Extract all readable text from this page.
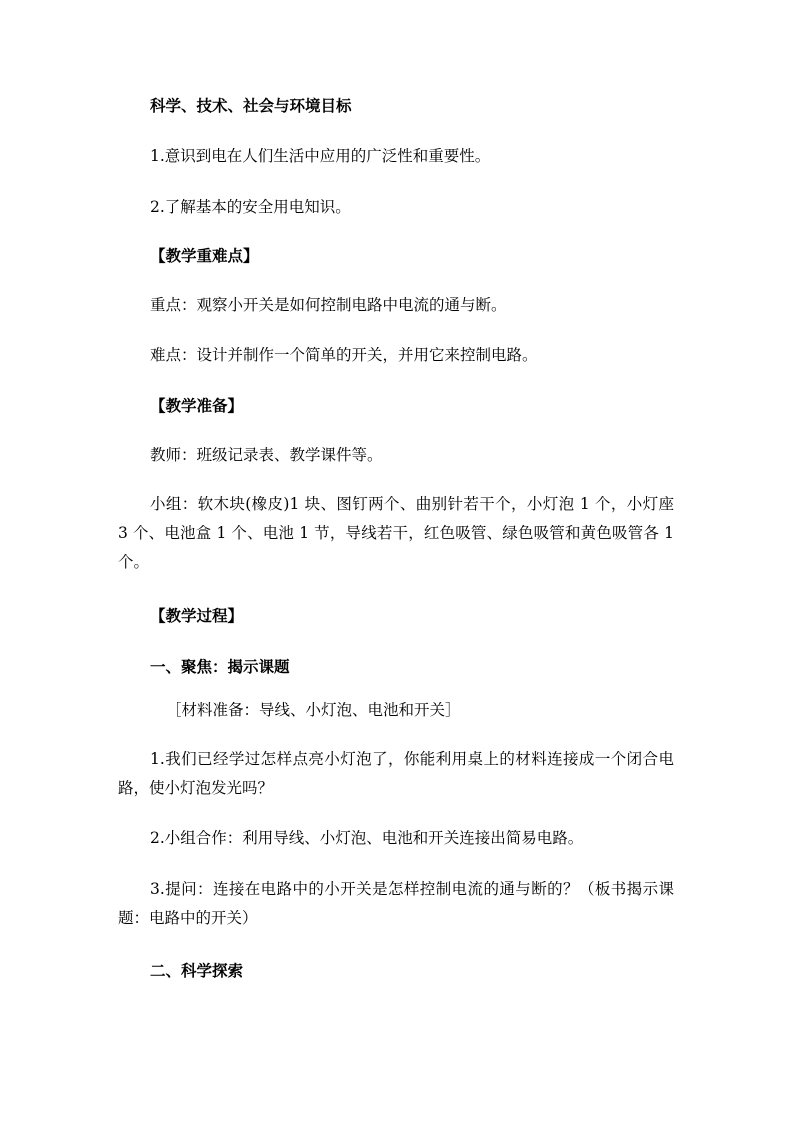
科学、技术、社会与环境目标
1.意识到电在人们生活中应用的广泛性和重要性。
2.了解基本的安全用电知识。
【教学重难点】
重点：观察小开关是如何控制电路中电流的通与断。
难点：设计并制作一个简单的开关，并用它来控制电路。
【教学准备】
教师：班级记录表、教学课件等。
小组：软木块(橡皮)1 块、图钉两个、曲别针若干个，小灯泡 1 个，小灯座 3 个、电池盒 1 个、电池 1 节，导线若干，红色吸管、绿色吸管和黄色吸管各 1 个。
【教学过程】
一、聚焦：揭示课题
［材料准备：导线、小灯泡、电池和开关］
1.我们已经学过怎样点亮小灯泡了，你能利用桌上的材料连接成一个闭合电路，使小灯泡发光吗？
2.小组合作：利用导线、小灯泡、电池和开关连接出简易电路。
3.提问：连接在电路中的小开关是怎样控制电流的通与断的？（板书揭示课题：电路中的开关）
二、科学探索
